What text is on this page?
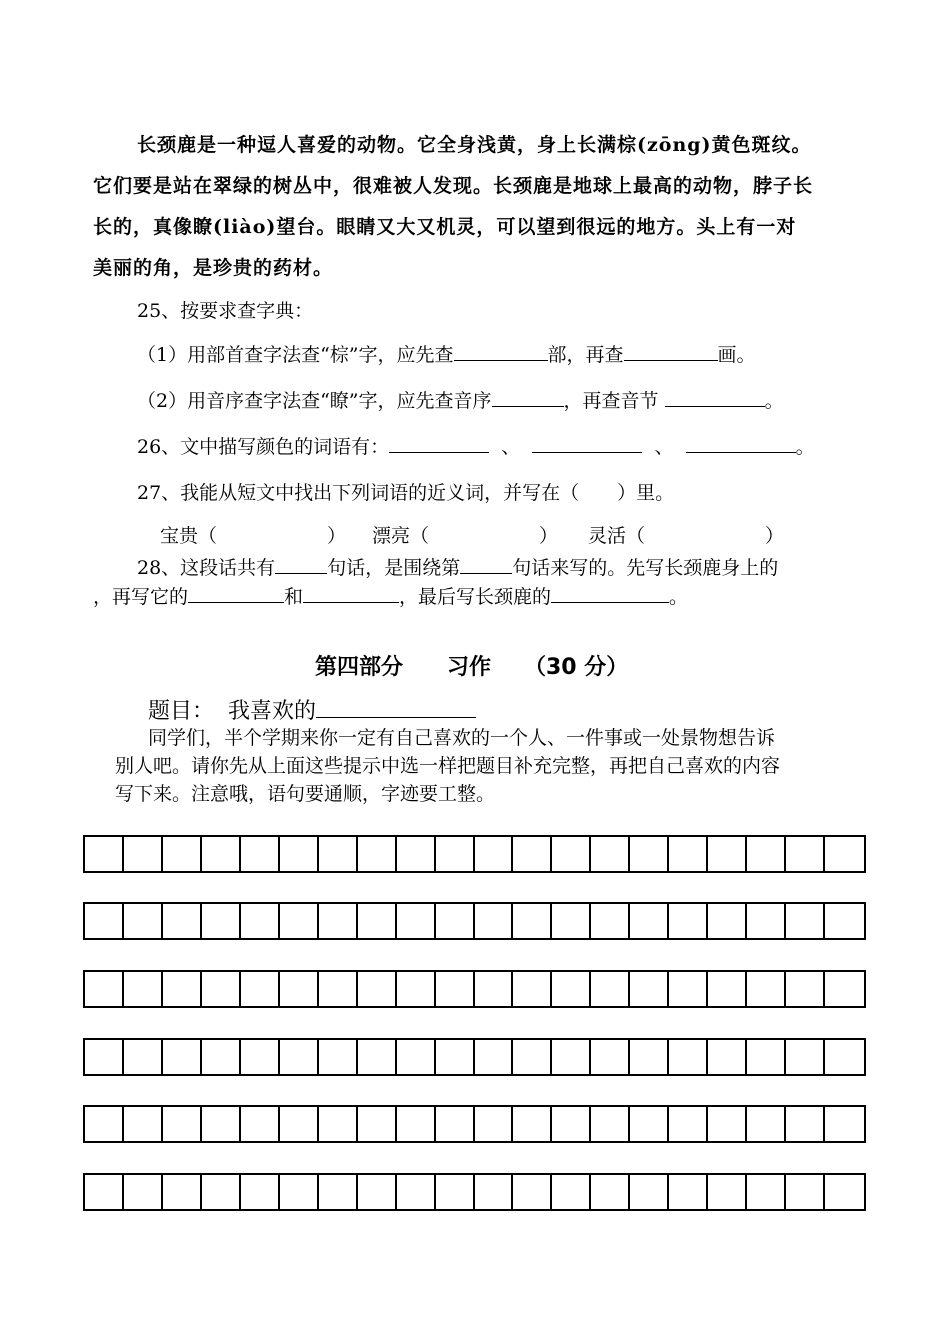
长颈鹿是一种逗人喜爱的动物。它全身浅黄，身上长满棕(zōng)黄色斑纹。
它们要是站在翠绿的树丛中，很难被人发现。长颈鹿是地球上最高的动物，脖子长
长的，真像瞭(liào)望台。眼睛又大又机灵，可以望到很远的地方。头上有一对
美丽的角，是珍贵的药材。
25、按要求查字典：
（1）用部首查字法查“棕”字，应先查	部，再查	画。
（2）用音序查字法查“瞭”字，应先查音序	，再查音节	。
26、文中描写颜色的词语有：	、	、	。
27、我能从短文中找出下列词语的近义词，并写在（　　）里。
宝贵（	） 漂亮（	） 灵活（	）
28、这段话共有	句话，是围绕第	句话来写的。先写长颈鹿身上的
，再写它的	和	，最后写长颈鹿的	。
第四部分　　习作　　（30 分）
题目： 我喜欢的
同学们，半个学期来你一定有自己喜欢的一个人、一件事或一处景物想告诉
别人吧。请你先从上面这些提示中选一样把题目补充完整，再把自己喜欢的内容
写下来。注意哦，语句要通顺，字迹要工整。
